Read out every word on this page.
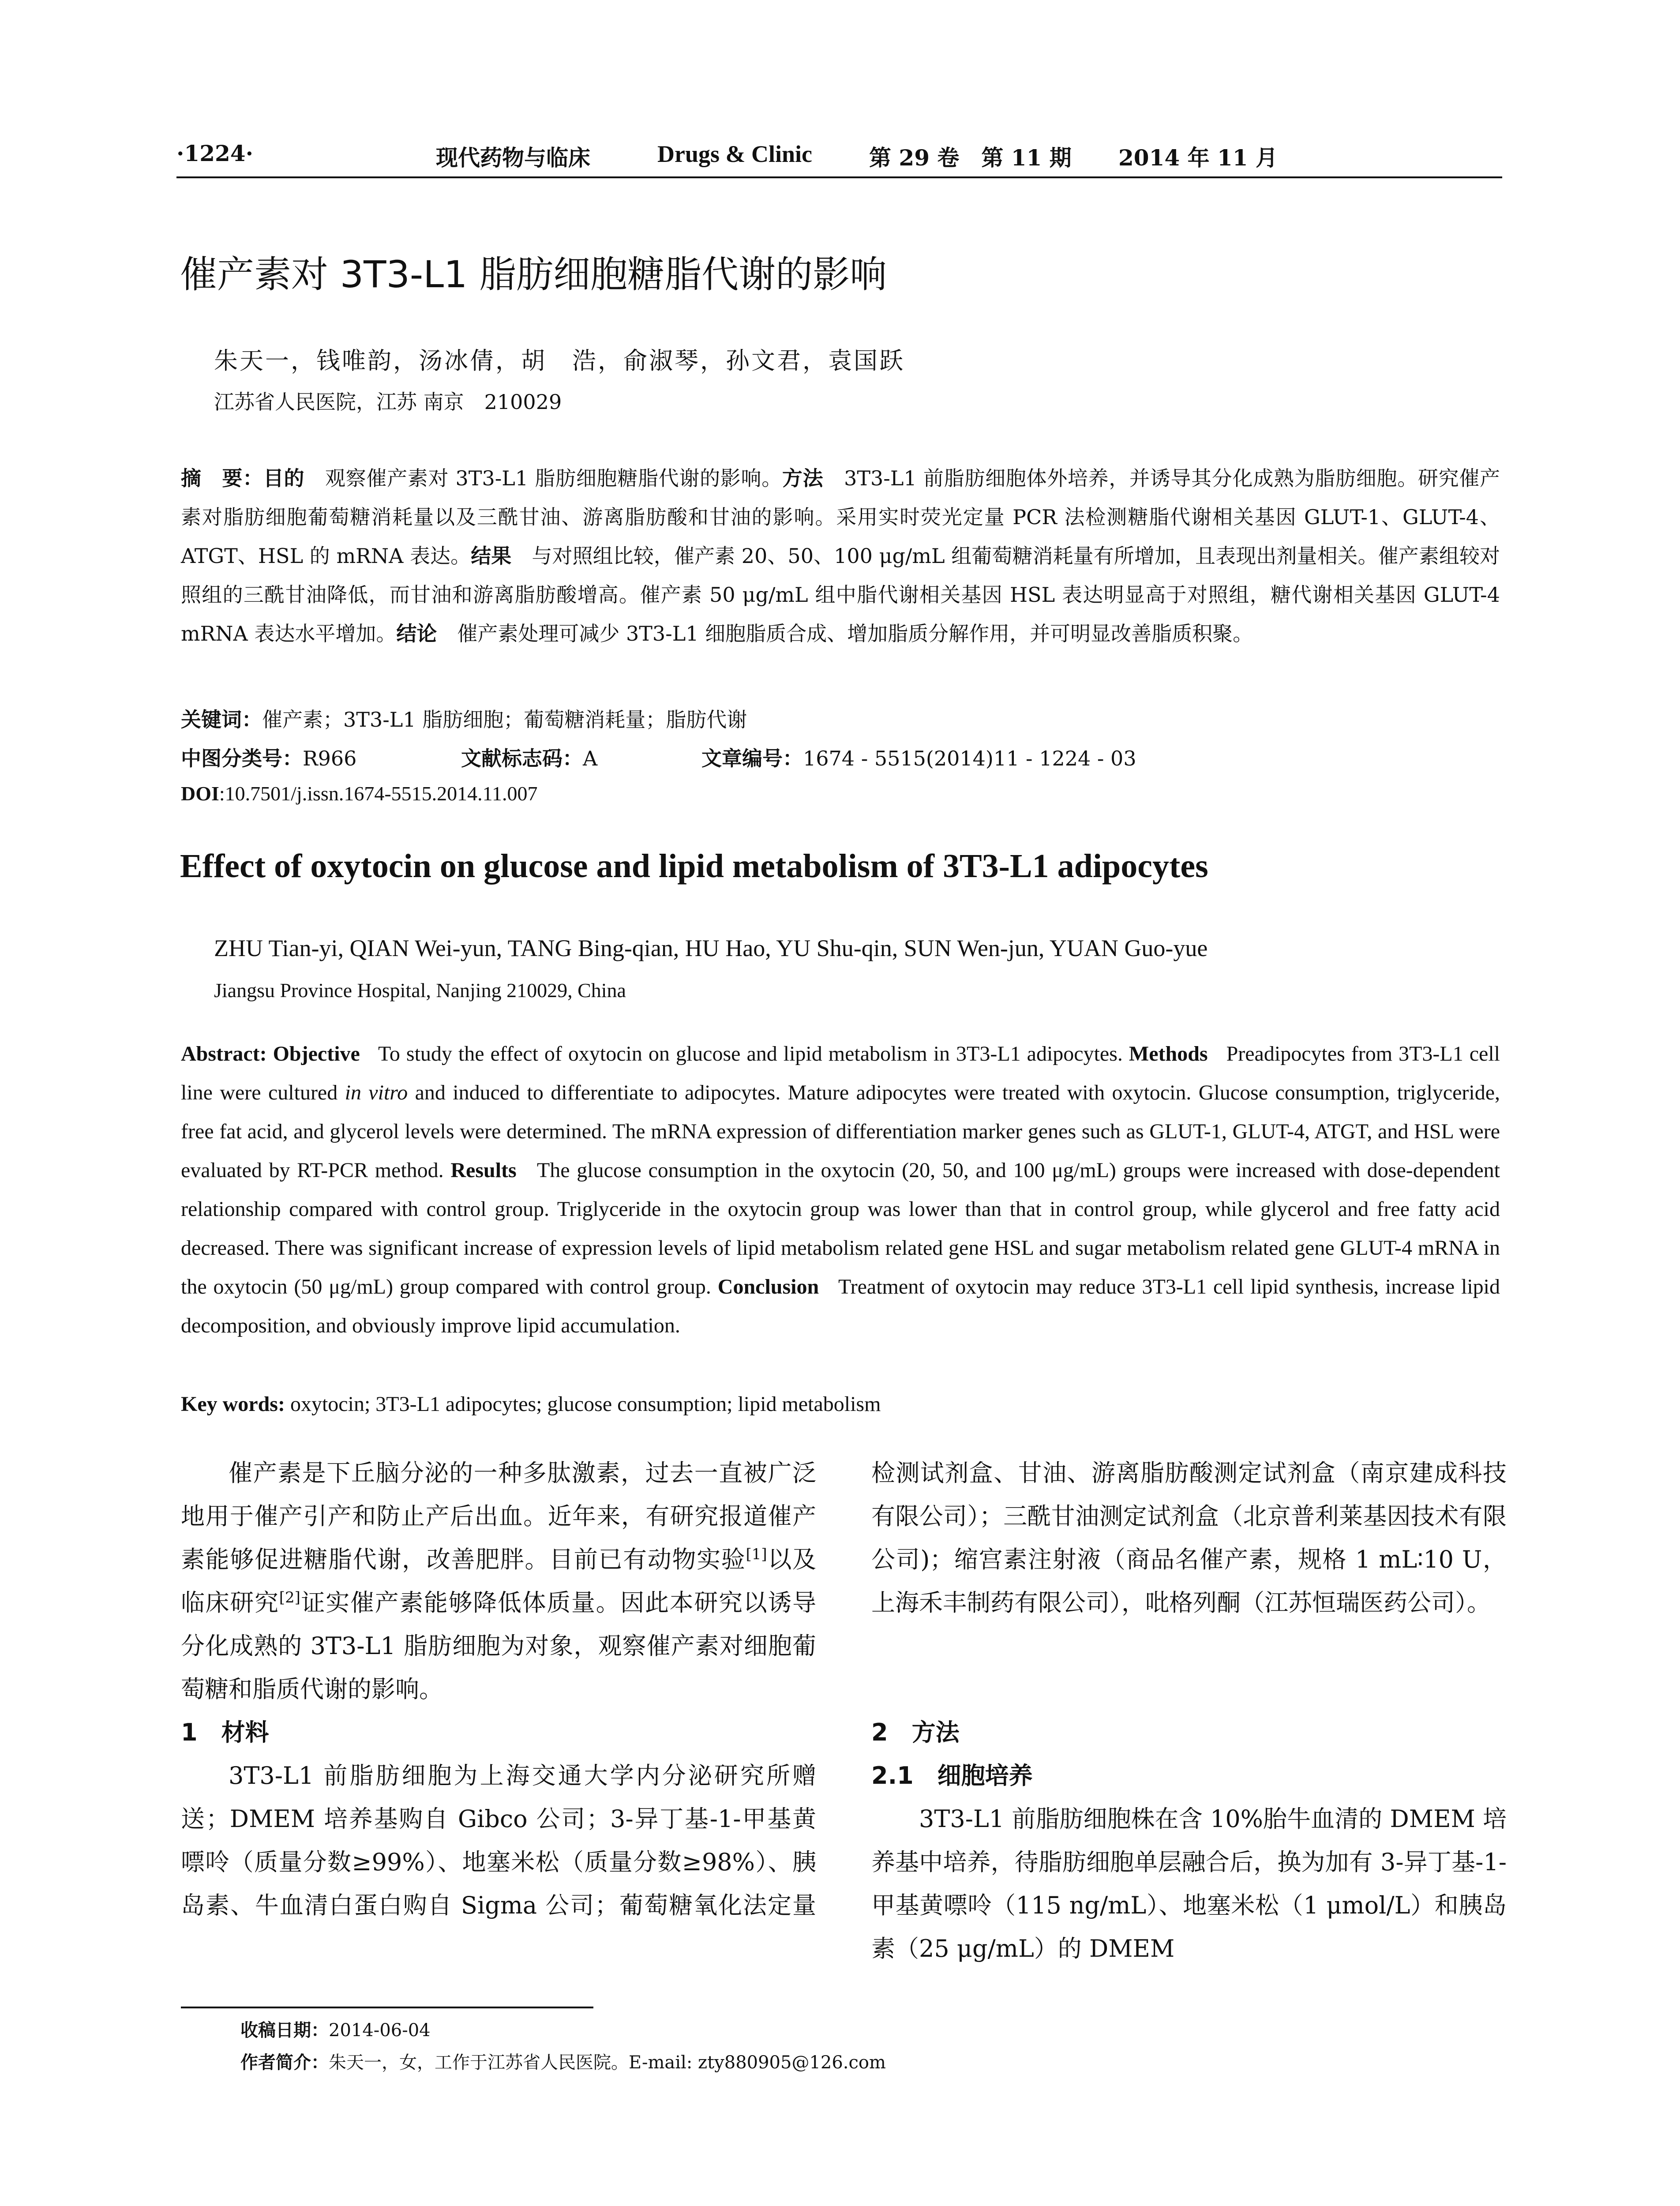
·1224·	现代药物与临床	Drugs & Clinic	第 29 卷　第 11 期 2014 年 11 月
催产素对 3T3-L1 脂肪细胞糖脂代谢的影响
朱天一，钱唯韵，汤冰倩，胡　浩，俞淑琴，孙文君，袁国跃
江苏省人民医院，江苏 南京　210029
摘　要：目的　 观察催产素对 3T3-L1 脂肪细胞糖脂代谢的影响。方法　 3T3-L1 前脂肪细胞体外培养，并诱导其分化成熟为脂肪细胞。研究催产素对脂肪细胞葡萄糖消耗量以及三酰甘油、游离脂肪酸和甘油的影响。采用实时荧光定量 PCR 法检测糖脂代谢相关基因 GLUT-1、GLUT-4、ATGT、HSL 的 mRNA 表达。结果　 与对照组比较，催产素 20、50、100 μg/mL 组葡萄糖消耗量有所增加，且表现出剂量相关。催产素组较对照组的三酰甘油降低，而甘油和游离脂肪酸增高。催产素 50 μg/mL 组中脂代谢相关基因 HSL 表达明显高于对照组，糖代谢相关基因 GLUT-4 mRNA 表达水平增加。结论　 催产素处理可减少 3T3-L1 细胞脂质合成、增加脂质分解作用，并可明显改善脂质积聚。
关键词：催产素；3T3-L1 脂肪细胞；葡萄糖消耗量；脂肪代谢
中图分类号：R966	文献标志码：A	文章编号：1674 - 5515(2014)11 - 1224 - 03
DOI:10.7501/j.issn.1674-5515.2014.11.007
Effect of oxytocin on glucose and lipid metabolism of 3T3-L1 adipocytes
ZHU Tian-yi, QIAN Wei-yun, TANG Bing-qian, HU Hao, YU Shu-qin, SUN Wen-jun, YUAN Guo-yue
Jiangsu Province Hospital, Nanjing 210029, China
Abstract: Objective To study the effect of oxytocin on glucose and lipid metabolism in 3T3-L1 adipocytes. Methods Preadipocytes from 3T3-L1 cell line were cultured in vitro and induced to differentiate to adipocytes. Mature adipocytes were treated with oxytocin. Glucose consumption, triglyceride, free fat acid, and glycerol levels were determined. The mRNA expression of differentiation marker genes such as GLUT-1, GLUT-4, ATGT, and HSL were evaluated by RT-PCR method. Results The glucose consumption in the oxytocin (20, 50, and 100 μg/mL) groups were increased with dose-dependent relationship compared with control group. Triglyceride in the oxytocin group was lower than that in control group, while glycerol and free fatty acid decreased. There was significant increase of expression levels of lipid metabolism related gene HSL and sugar metabolism related gene GLUT-4 mRNA in the oxytocin (50 μg/mL) group compared with control group. Conclusion Treatment of oxytocin may reduce 3T3-L1 cell lipid synthesis, increase lipid decomposition, and obviously improve lipid accumulation.
Key words: oxytocin; 3T3-L1 adipocytes; glucose consumption; lipid metabolism

催产素是下丘脑分泌的一种多肽激素，过去一直被广泛地用于催产引产和防止产后出血。近年来，有研究报道催产素能够促进糖脂代谢，改善肥胖。目前已有动物实验[1]以及临床研究[2]证实催产素能够降低体质量。因此本研究以诱导分化成熟的 3T3-L1 脂肪细胞为对象，观察催产素对细胞葡萄糖和脂质代谢的影响。

1　材料

3T3-L1 前脂肪细胞为上海交通大学内分泌研究所赠送；DMEM 培养基购自 Gibco 公司；3-异丁基-1-甲基黄嘌呤（质量分数≥99%）、地塞米松（质量分数≥98%）、胰岛素、牛血清白蛋白购自 Sigma 公司；葡萄糖氧化法定量

检测试剂盒、甘油、游离脂肪酸测定试剂盒（南京建成科技有限公司）；三酰甘油测定试剂盒（北京普利莱基因技术有限公司)；缩宫素注射液（商品名催产素，规格 1 mL∶10 U，上海禾丰制药有限公司），吡格列酮（江苏恒瑞医药公司）。

2　方法
2.1　细胞培养

3T3-L1 前脂肪细胞株在含 10%胎牛血清的 DMEM 培养基中培养，待脂肪细胞单层融合后，换为加有 3-异丁基-1-甲基黄嘌呤（115 ng/mL）、地塞米松（1 μmol/L）和胰岛素（25 μg/mL）的 DMEM

收稿日期：2014-06-04
作者简介：朱天一，女，工作于江苏省人民医院。E-mail: zty880905@126.com
